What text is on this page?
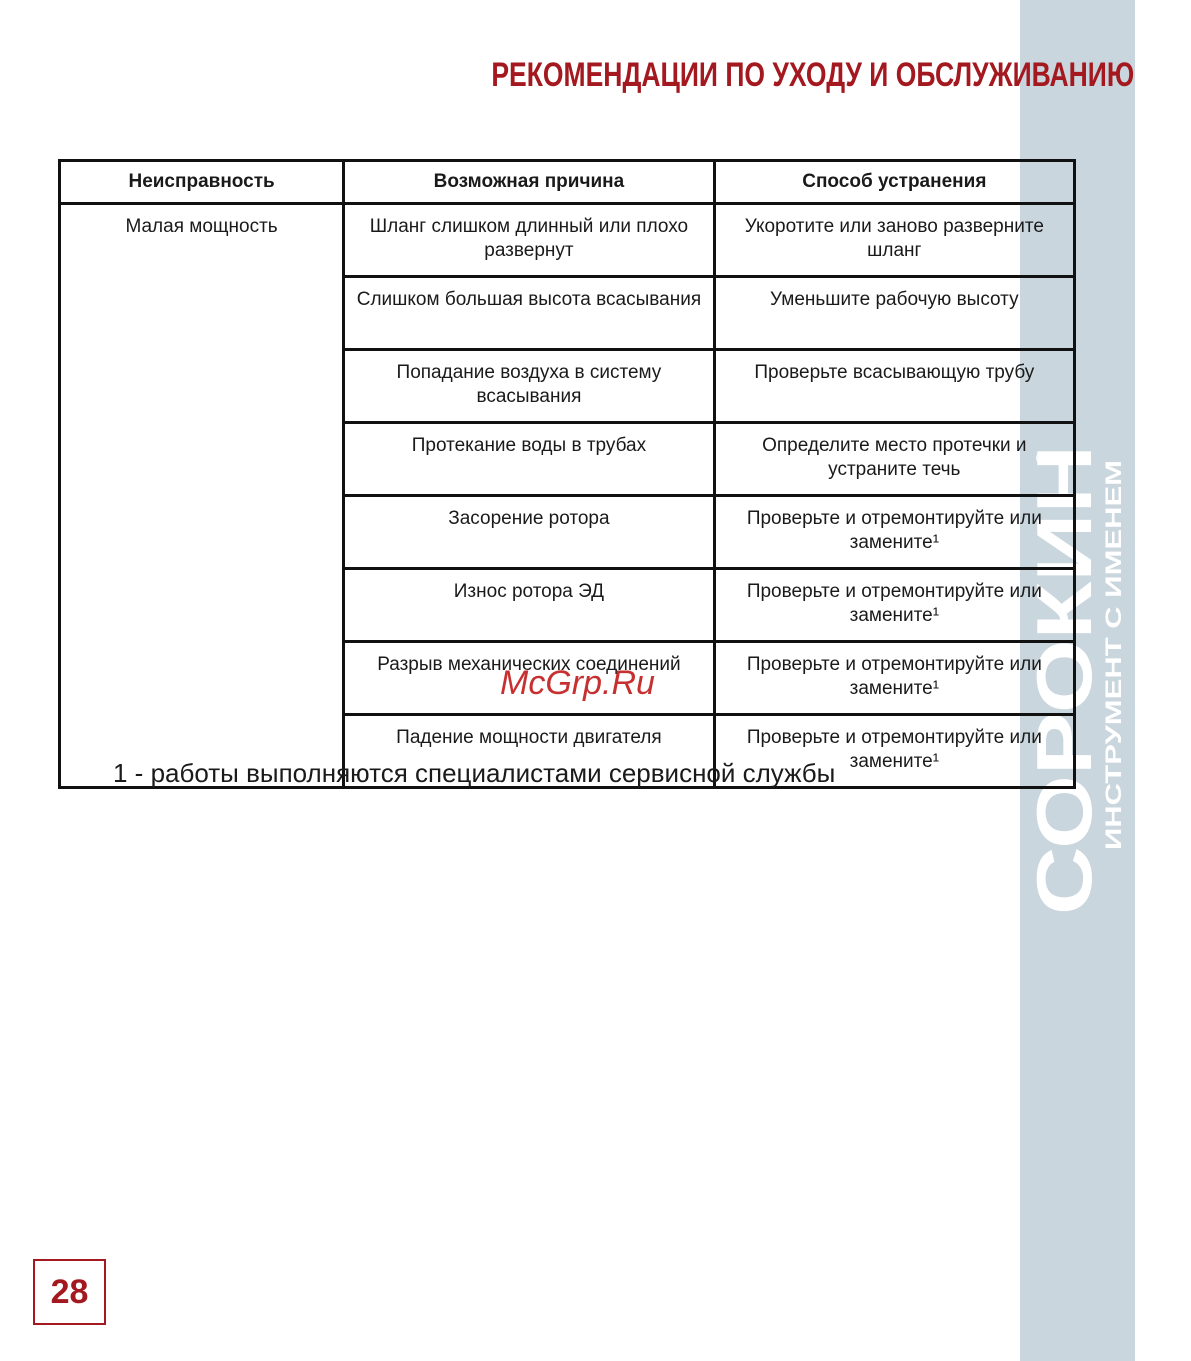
СОРОКИН
ИНСТРУМЕНТ С ИМЕНЕМ
®
РЕКОМЕНДАЦИИ ПО УХОДУ И ОБСЛУЖИВАНИЮ
Неисправность	Возможная причина	Способ устранения
Малая мощность	Шланг слишком длинный или плохо развернут	Укоротите или заново разверните шланг
	Слишком большая высота всасывания	Уменьшите рабочую высоту
	Попадание воздуха в систему всасывания	Проверьте всасывающую трубу
	Протекание воды в трубах	Определите место протечки и устраните течь
	Засорение ротора	Проверьте и отремонтируйте или замените¹
	Износ ротора ЭД	Проверьте и отремонтируйте или замените¹
	Разрыв механических соединений	Проверьте и отремонтируйте или замените¹
	Падение мощности двигателя	Проверьте и отремонтируйте или замените¹
McGrp.Ru
1 - работы выполняются специалистами сервисной службы
28
